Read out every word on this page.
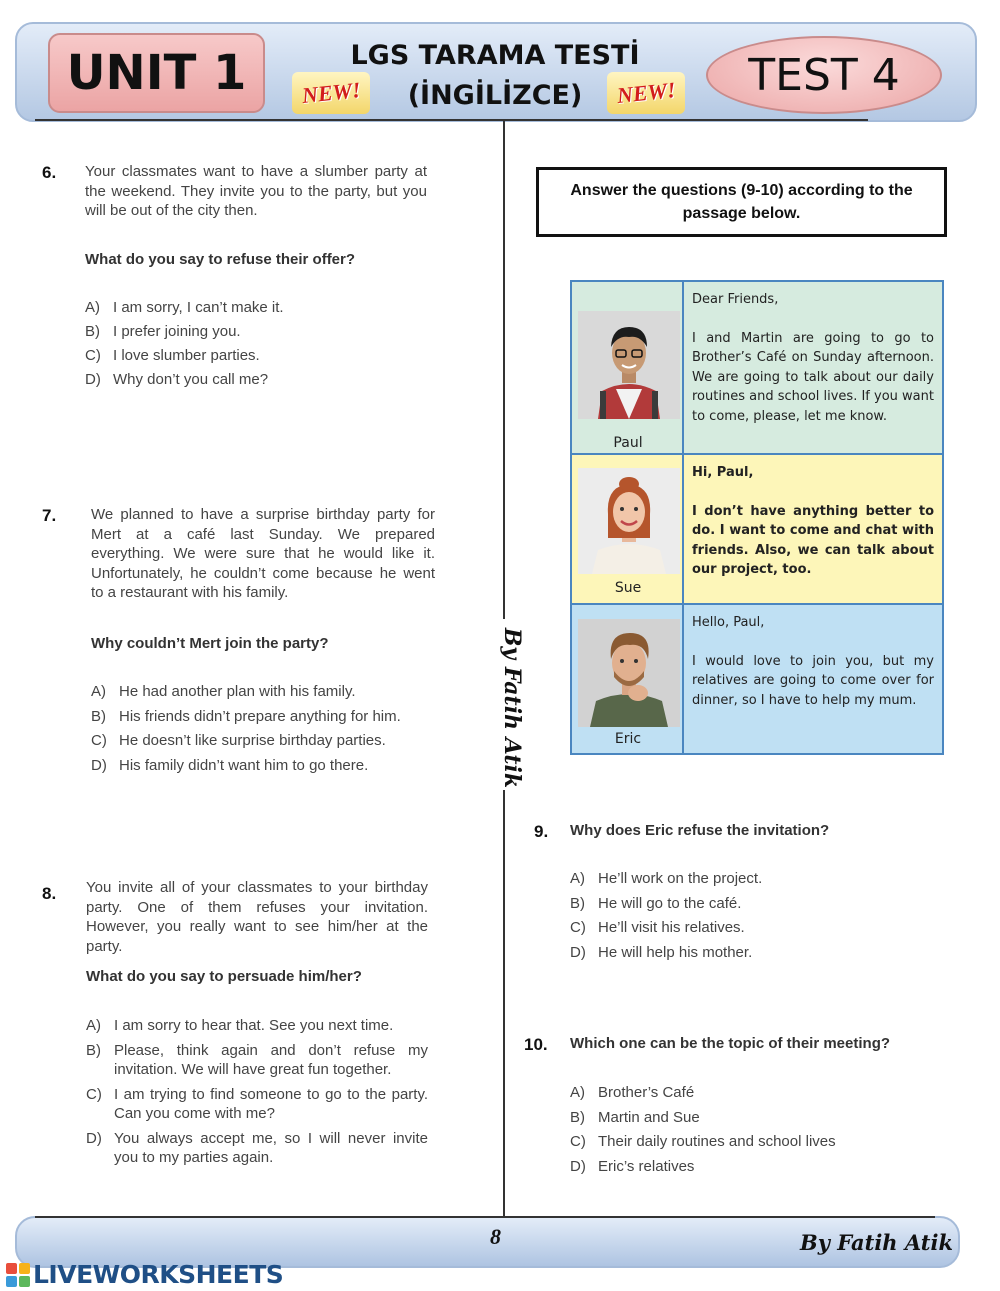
UNIT 1	LGS TARAMA TESTİ
(İNGİLİZCE)
NEW!	NEW!	TEST 4
By Fatih Atik
6. Your classmates want to have a slumber party at the weekend. They invite you to the party, but you will be out of the city then.
What do you say to refuse their offer?
A) I am sorry, I can’t make it.
B) I prefer joining you.
C) I love slumber parties.
D) Why don’t you call me?
7. We planned to have a surprise birthday party for Mert at a café last Sunday. We prepared everything. We were sure that he would like it. Unfortunately, he couldn’t come because he went to a restaurant with his family.
Why couldn’t Mert join the party?
A) He had another plan with his family.
B) His friends didn’t prepare anything for him.
C) He doesn’t like surprise birthday parties.
D) His family didn’t want him to go there.
8. You invite all of your classmates to your birthday party. One of them refuses your invitation. However, you really want to see him/her at the party.
What do you say to persuade him/her?
A) I am sorry to hear that. See you next time.
B) Please, think again and don’t refuse my invitation. We will have great fun together.
C) I am trying to find someone to go to the party. Can you come with me?
D) You always accept me, so I will never invite you to my parties again.
Answer the questions (9-10) according to the passage below.
Paul

Dear Friends,

I and Martin are going to go to Brother’s Café on Sunday afternoon. We are going to talk about our daily routines and school lives. If you want to come, please, let me know.

Sue

Hi, Paul,

I don’t have anything better to do. I want to come and chat with friends. Also, we can talk about our project, too.

Eric

Hello, Paul,

I would love to join you, but my relatives are going to come over for dinner, so I have to help my mum.

9. Why does Eric refuse the invitation?
A) He’ll work on the project.
B) He will go to the café.
C) He’ll visit his relatives.
D) He will help his mother.
10. Which one can be the topic of their meeting?
A) Brother’s Café
B) Martin and Sue
C) Their daily routines and school lives
D) Eric’s relatives
8	By Fatih Atik
LIVEWORKSHEETS
